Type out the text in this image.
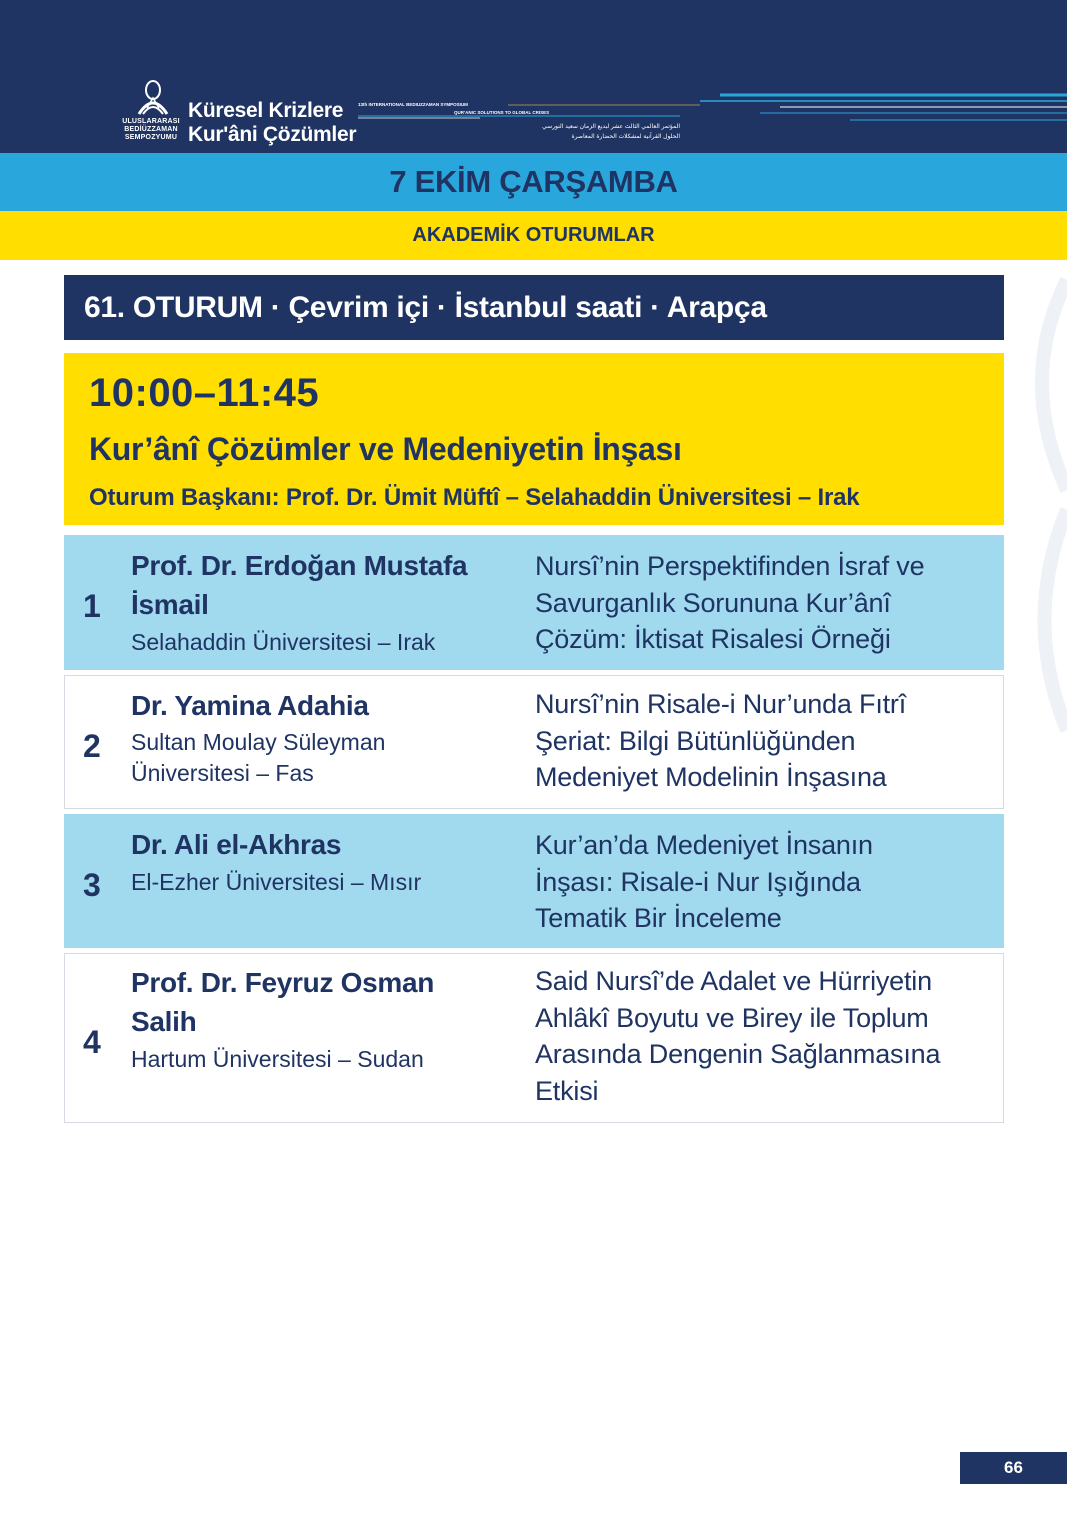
ULUSLARARASI
BEDİÜZZAMAN
SEMPOZYUMU
Küresel Krizlere
Kur'âni Çözümler
13th INTERNATIONAL BEDIUZZAMAN SYMPOSIUM
QUR'ANIC SOLUTIONS TO GLOBAL CRISES
المؤتمر العالمي الثالث عشر لبديع الزمان سعيد النورسي
الحلول القرآنية لمشكلات الحضارة المعاصرة
7 EKİM ÇARŞAMBA
AKADEMİK OTURUMLAR
61. OTURUM · Çevrim içi · İstanbul saati · Arapça
10:00–11:45
Kur’ânî Çözümler ve Medeniyetin İnşası
Oturum Başkanı: Prof. Dr. Ümit Müftî – Selahaddin Üniversitesi – Irak
1
Prof. Dr. Erdoğan Mustafa
İsmail
Selahaddin Üniversitesi – Irak
Nursî’nin Perspektifinden İsraf ve
Savurganlık Sorununa Kur’ânî
Çözüm: İktisat Risalesi Örneği
2
Dr. Yamina Adahia
Sultan Moulay Süleyman
Üniversitesi – Fas
Nursî’nin Risale-i Nur’unda Fıtrî
Şeriat: Bilgi Bütünlüğünden
Medeniyet Modelinin İnşasına
3
Dr. Ali el-Akhras
El-Ezher Üniversitesi – Mısır
Kur’an’da Medeniyet İnsanın
İnşası: Risale-i Nur Işığında
Tematik Bir İnceleme
4
Prof. Dr. Feyruz Osman
Salih
Hartum Üniversitesi – Sudan
Said Nursî’de Adalet ve Hürriyetin
Ahlâkî Boyutu ve Birey ile Toplum
Arasında Dengenin Sağlanmasına
Etkisi
66
